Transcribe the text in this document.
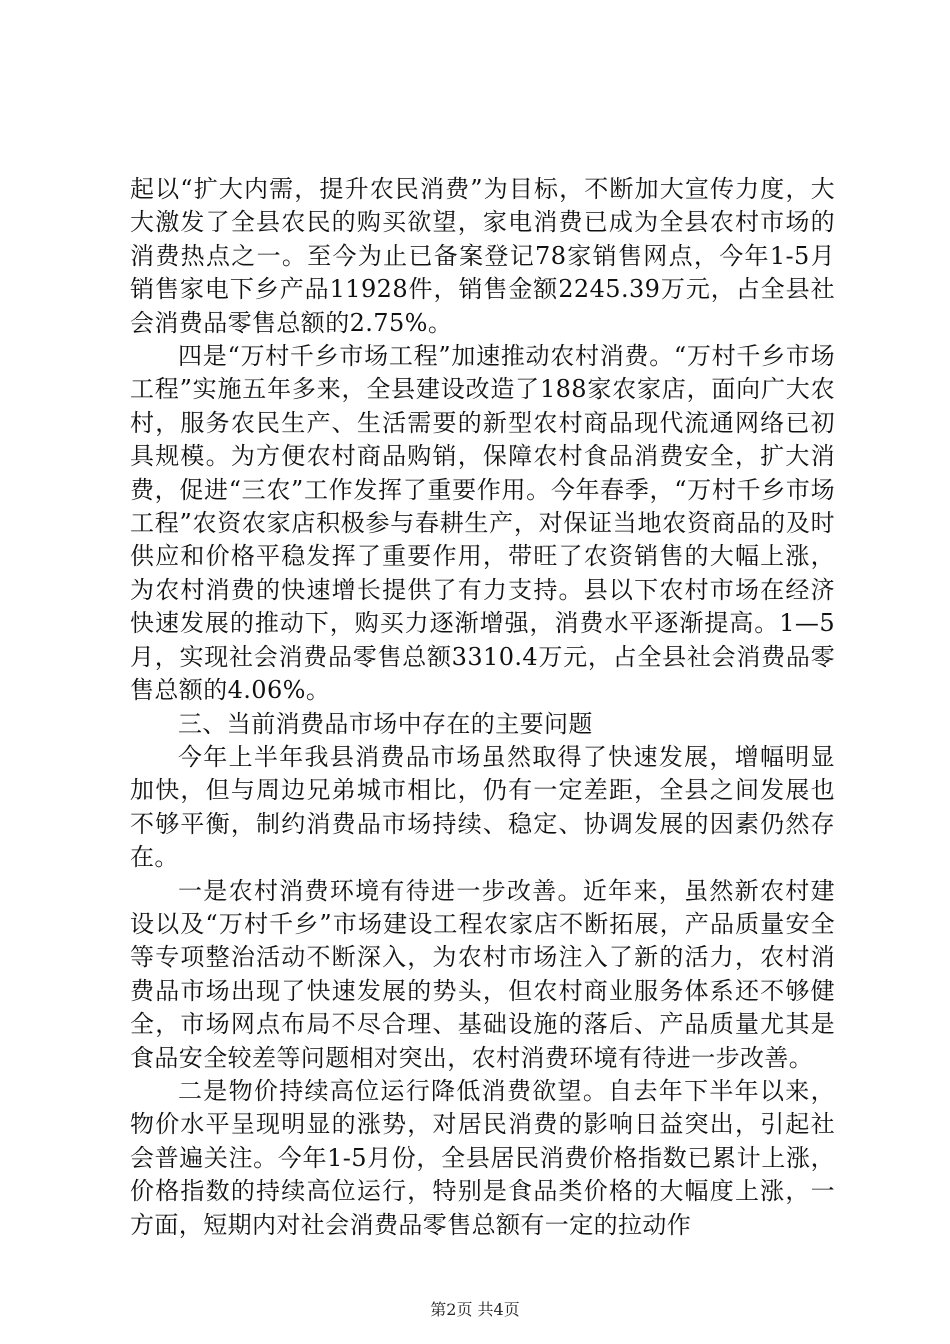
起以“扩大内需，提升农民消费”为目标，不断加大宣传力度，大大激发了全县农民的购买欲望，家电消费已成为全县农村市场的消费热点之一。至今为止已备案登记78家销售网点，今年1-5月销售家电下乡产品11928件，销售金额2245.39万元，占全县社会消费品零售总额的2.75%。

四是“万村千乡市场工程”加速推动农村消费。“万村千乡市场工程”实施五年多来，全县建设改造了188家农家店，面向广大农村，服务农民生产、生活需要的新型农村商品现代流通网络已初具规模。为方便农村商品购销，保障农村食品消费安全，扩大消费，促进“三农”工作发挥了重要作用。今年春季，“万村千乡市场工程”农资农家店积极参与春耕生产，对保证当地农资商品的及时供应和价格平稳发挥了重要作用，带旺了农资销售的大幅上涨，为农村消费的快速增长提供了有力支持。县以下农村市场在经济快速发展的推动下，购买力逐渐增强，消费水平逐渐提高。1—5月，实现社会消费品零售总额3310.4万元，占全县社会消费品零售总额的4.06%。

三、当前消费品市场中存在的主要问题

今年上半年我县消费品市场虽然取得了快速发展，增幅明显加快，但与周边兄弟城市相比，仍有一定差距，全县之间发展也不够平衡，制约消费品市场持续、稳定、协调发展的因素仍然存在。

一是农村消费环境有待进一步改善。近年来，虽然新农村建设以及“万村千乡”市场建设工程农家店不断拓展，产品质量安全等专项整治活动不断深入，为农村市场注入了新的活力，农村消费品市场出现了快速发展的势头，但农村商业服务体系还不够健全，市场网点布局不尽合理、基础设施的落后、产品质量尤其是食品安全较差等问题相对突出，农村消费环境有待进一步改善。

二是物价持续高位运行降低消费欲望。自去年下半年以来，物价水平呈现明显的涨势，对居民消费的影响日益突出，引起社会普遍关注。今年1-5月份，全县居民消费价格指数已累计上涨，价格指数的持续高位运行，特别是食品类价格的大幅度上涨，一方面，短期内对社会消费品零售总额有一定的拉动作

第2页 共4页
